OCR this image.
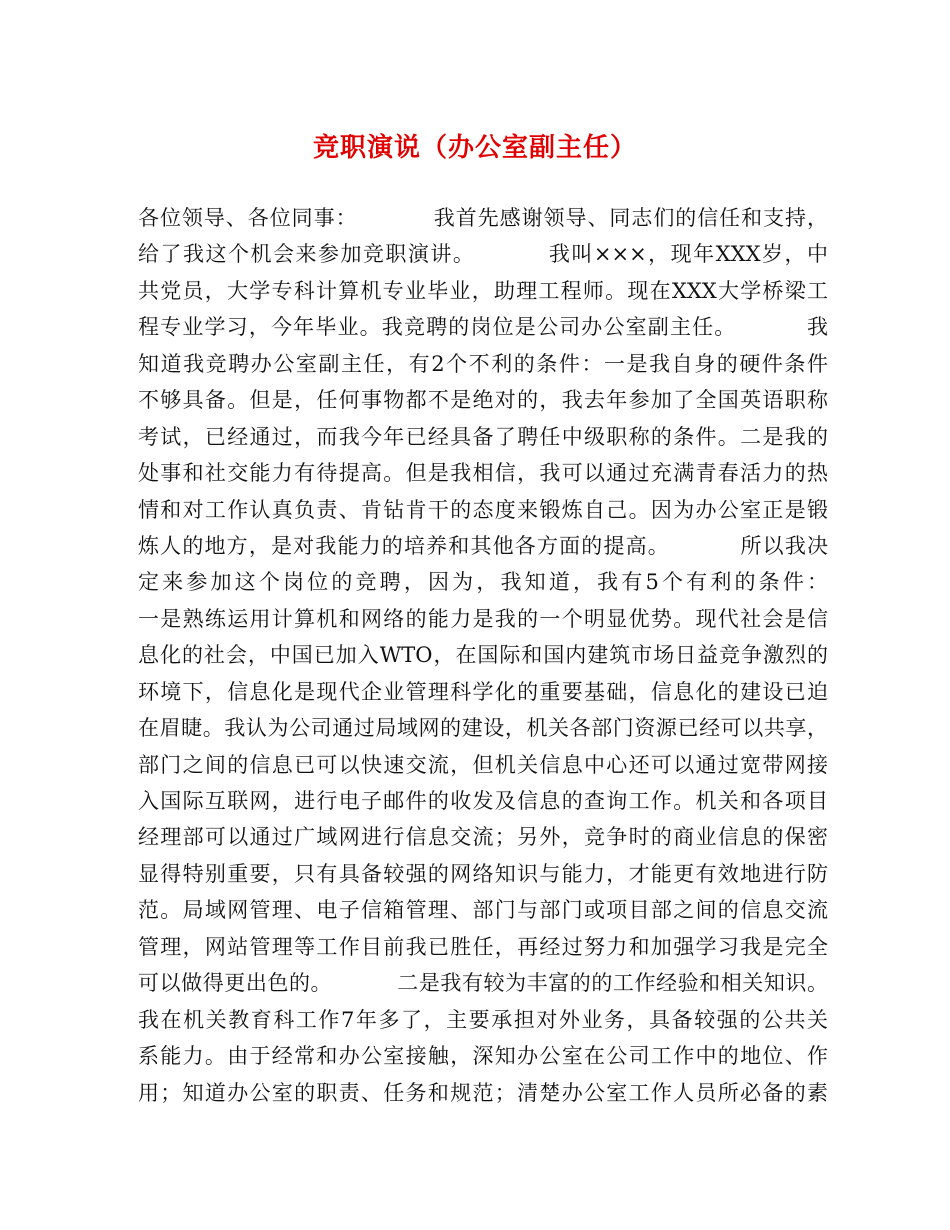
竞职演说（办公室副主任）
各位领导、各位同事：          我首先感谢领导、同志们的信任和支持，
给了我这个机会来参加竞职演讲。         我叫×××，现年XXX岁，中
共党员，大学专科计算机专业毕业，助理工程师。现在XXX大学桥梁工
程专业学习，今年毕业。我竞聘的岗位是公司办公室副主任。         我
知道我竞聘办公室副主任，有2个不利的条件：一是我自身的硬件条件
不够具备。但是，任何事物都不是绝对的，我去年参加了全国英语职称
考试，已经通过，而我今年已经具备了聘任中级职称的条件。二是我的
处事和社交能力有待提高。但是我相信，我可以通过充满青春活力的热
情和对工作认真负责、肯钻肯干的态度来锻炼自己。因为办公室正是锻
炼人的地方，是对我能力的培养和其他各方面的提高。         所以我决
定来参加这个岗位的竞聘，因为，我知道，我有5个有利的条件：
一是熟练运用计算机和网络的能力是我的一个明显优势。现代社会是信
息化的社会，中国已加入WTO，在国际和国内建筑市场日益竞争激烈的
环境下，信息化是现代企业管理科学化的重要基础，信息化的建设已迫
在眉睫。我认为公司通过局域网的建设，机关各部门资源已经可以共享，
部门之间的信息已可以快速交流，但机关信息中心还可以通过宽带网接
入国际互联网，进行电子邮件的收发及信息的查询工作。机关和各项目
经理部可以通过广域网进行信息交流；另外，竞争时的商业信息的保密
显得特别重要，只有具备较强的网络知识与能力，才能更有效地进行防
范。局域网管理、电子信箱管理、部门与部门或项目部之间的信息交流
管理，网站管理等工作目前我已胜任，再经过努力和加强学习我是完全
可以做得更出色的。         二是我有较为丰富的的工作经验和相关知识。
我在机关教育科工作7年多了，主要承担对外业务，具备较强的公共关
系能力。由于经常和办公室接触，深知办公室在公司工作中的地位、作
用；知道办公室的职责、任务和规范；清楚办公室工作人员所必备的素
